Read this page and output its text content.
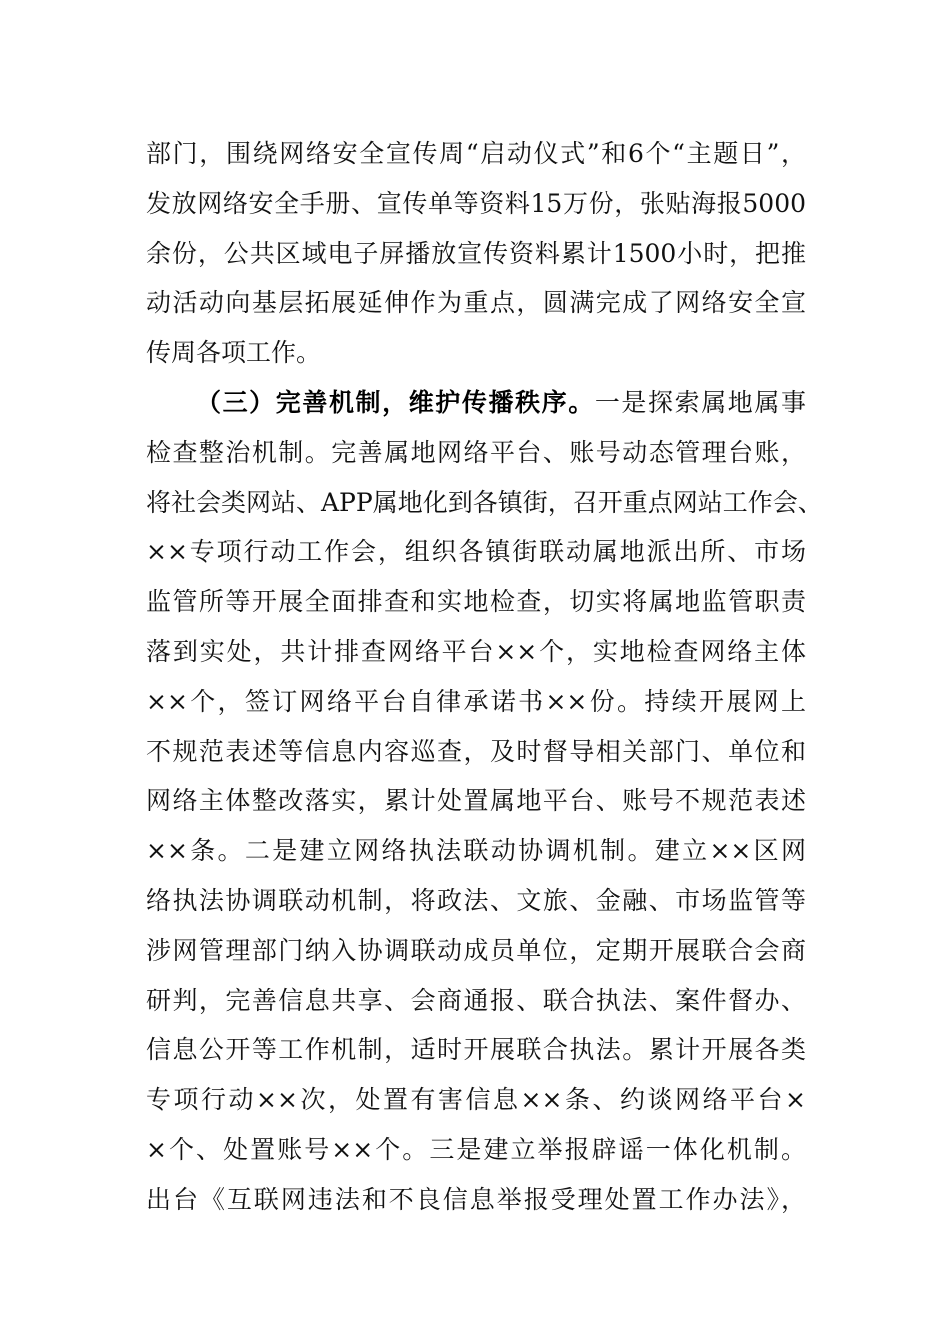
部门，围绕网络安全宣传周“启动仪式”和6个“主题日”，
发放网络安全手册、宣传单等资料15万份，张贴海报5000
余份，公共区域电子屏播放宣传资料累计1500小时，把推
动活动向基层拓展延伸作为重点，圆满完成了网络安全宣
传周各项工作。
（三）完善机制，维护传播秩序。一是探索属地属事
检查整治机制。完善属地网络平台、账号动态管理台账，
将社会类网站、APP属地化到各镇街，召开重点网站工作会、
××专项行动工作会，组织各镇街联动属地派出所、市场
监管所等开展全面排查和实地检查，切实将属地监管职责
落到实处，共计排查网络平台××个，实地检查网络主体
××个，签订网络平台自律承诺书××份。持续开展网上
不规范表述等信息内容巡查，及时督导相关部门、单位和
网络主体整改落实，累计处置属地平台、账号不规范表述
××条。二是建立网络执法联动协调机制。建立××区网
络执法协调联动机制，将政法、文旅、金融、市场监管等
涉网管理部门纳入协调联动成员单位，定期开展联合会商
研判，完善信息共享、会商通报、联合执法、案件督办、
信息公开等工作机制，适时开展联合执法。累计开展各类
专项行动××次，处置有害信息××条、约谈网络平台×
×个、处置账号××个。三是建立举报辟谣一体化机制。
出台《互联网违法和不良信息举报受理处置工作办法》，
